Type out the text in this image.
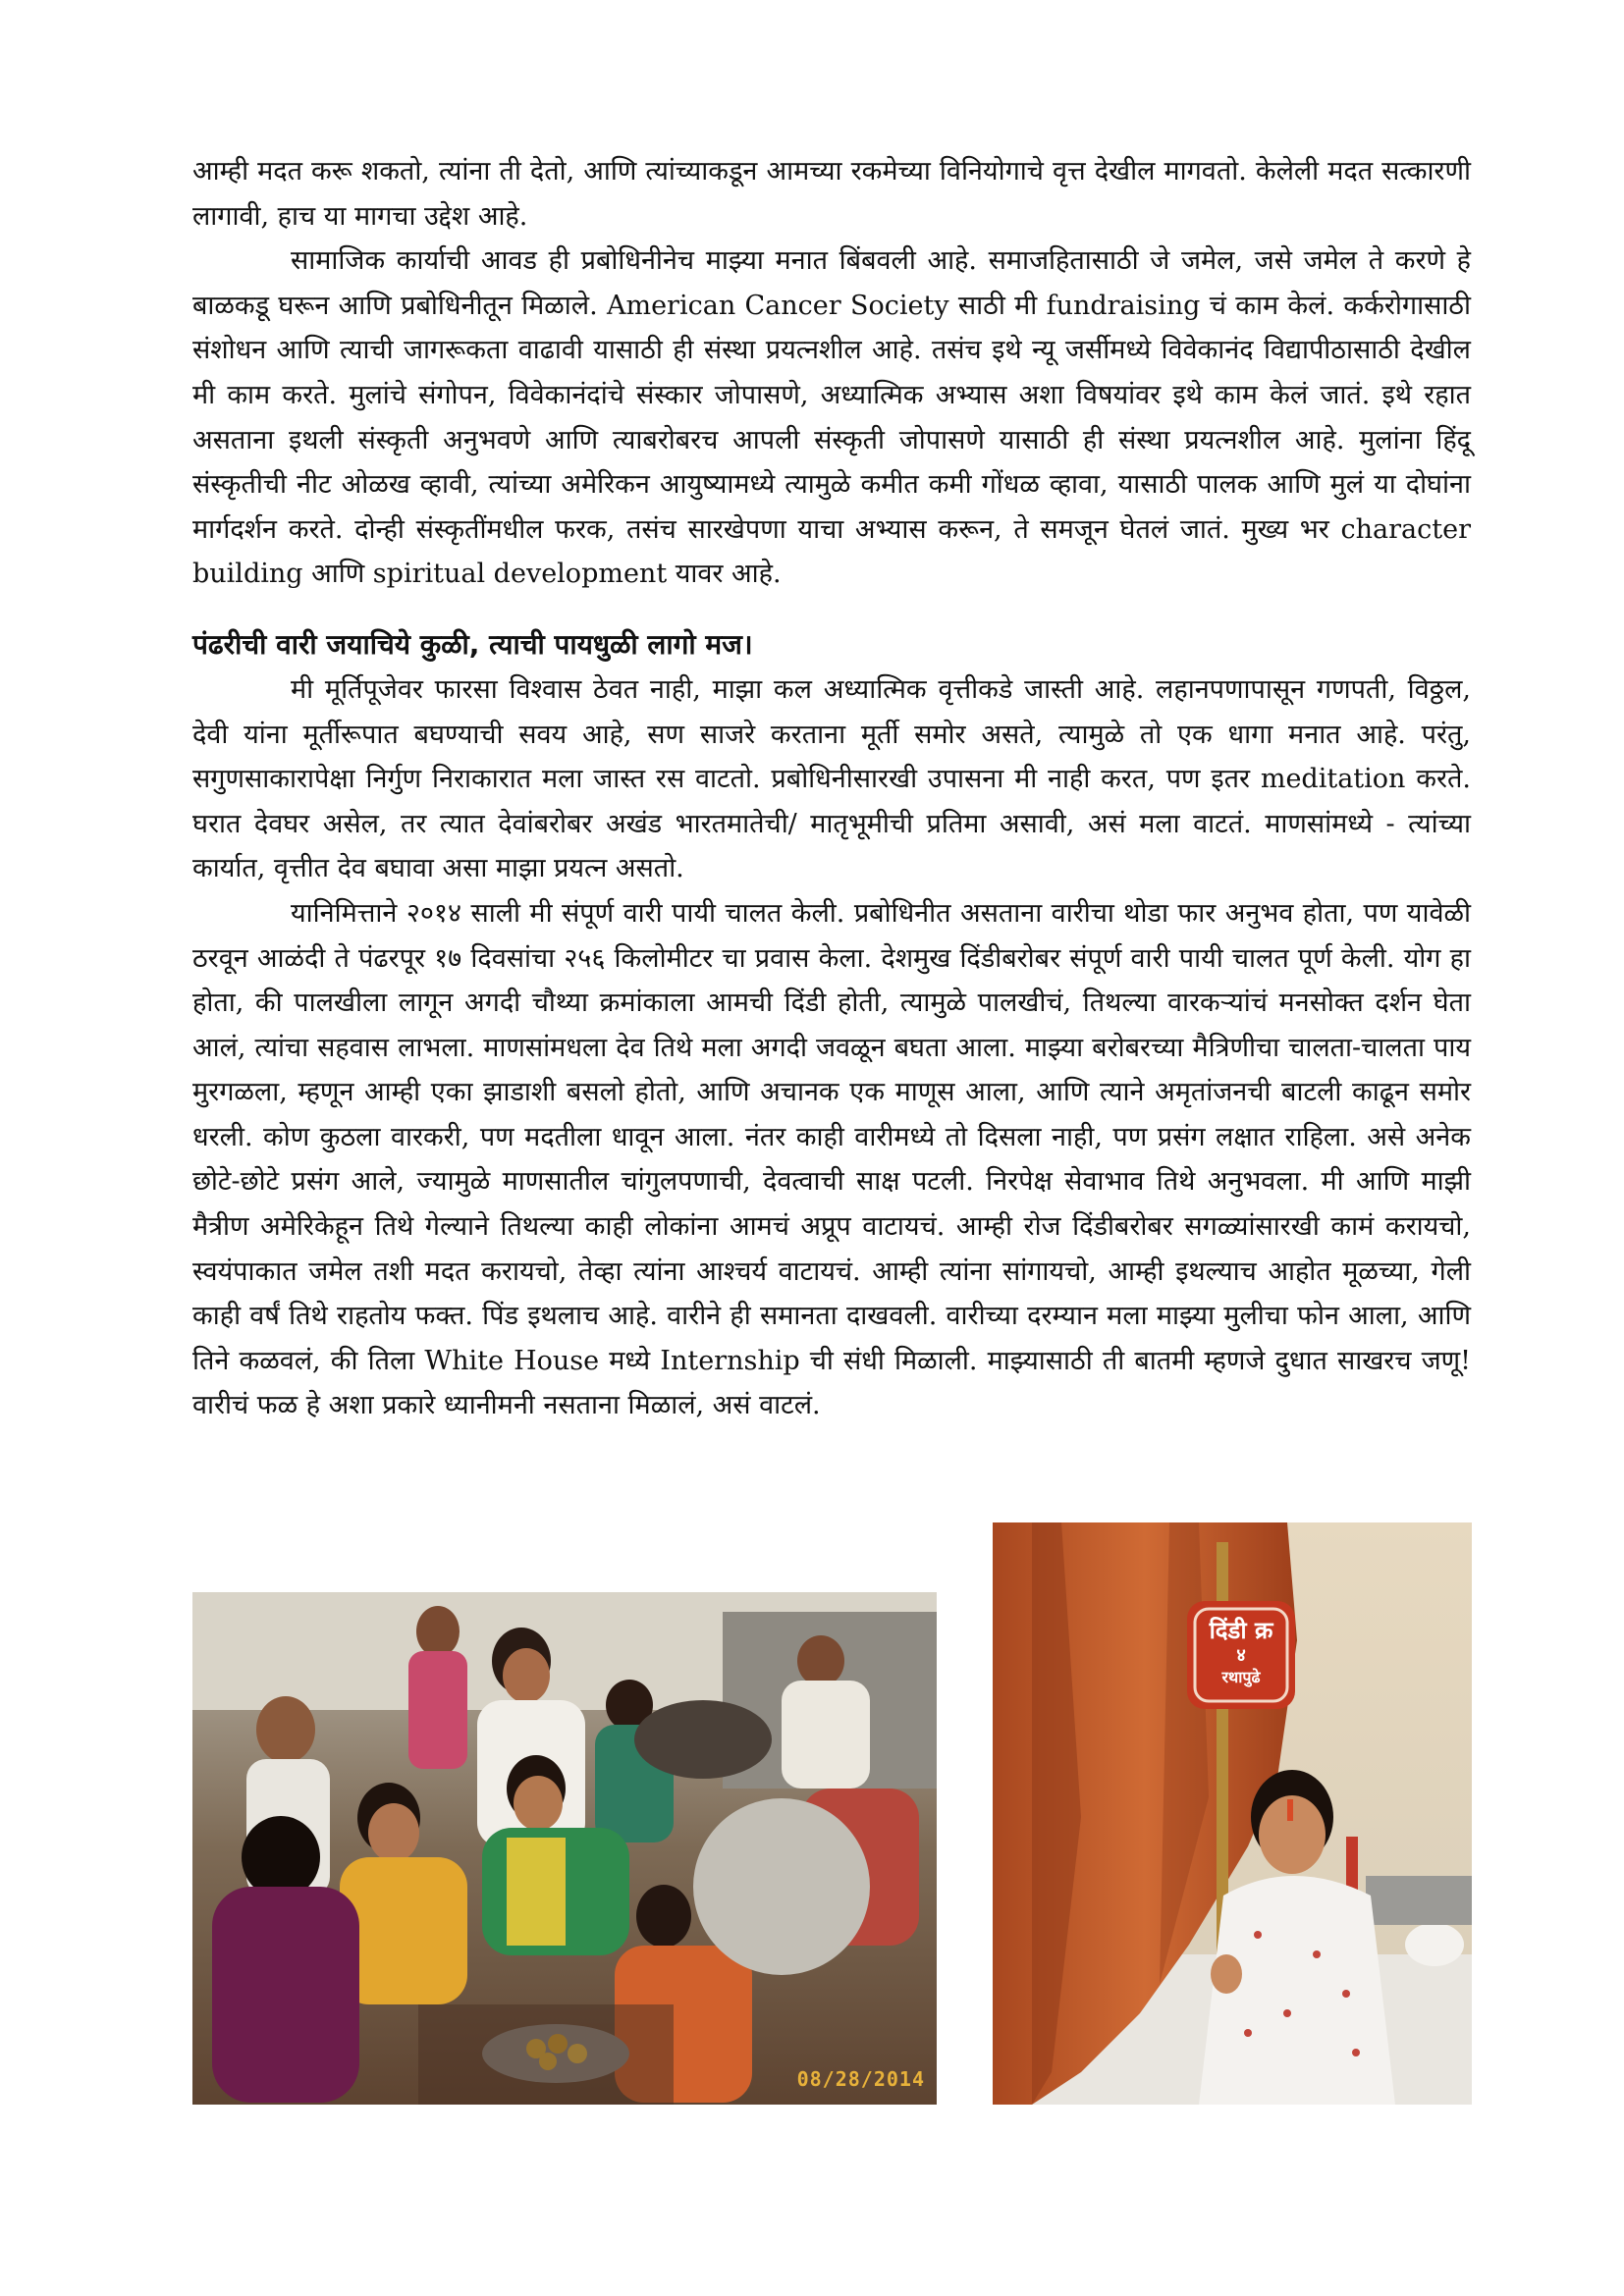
आम्ही मदत करू शकतो, त्यांना ती देतो, आणि त्यांच्याकडून आमच्या रकमेच्या विनियोगाचे वृत्त देखील मागवतो. केलेली मदत सत्कारणी लागावी, हाच या मागचा उद्देश आहे.

सामाजिक कार्याची आवड ही प्रबोधिनीनेच माझ्या मनात बिंबवली आहे. समाजहितासाठी जे जमेल, जसे जमेल ते करणे हे बाळकडू घरून आणि प्रबोधिनीतून मिळाले. American Cancer Society साठी मी fundraising चं काम केलं. कर्करोगासाठी संशोधन आणि त्याची जागरूकता वाढावी यासाठी ही संस्था प्रयत्नशील आहे. तसंच इथे न्यू जर्सीमध्ये विवेकानंद विद्यापीठासाठी देखील मी काम करते. मुलांचे संगोपन, विवेकानंदांचे संस्कार जोपासणे, अध्यात्मिक अभ्यास अशा विषयांवर इथे काम केलं जातं. इथे रहात असताना इथली संस्कृती अनुभवणे आणि त्याबरोबरच आपली संस्कृती जोपासणे यासाठी ही संस्था प्रयत्नशील आहे. मुलांना हिंदू संस्कृतीची नीट ओळख व्हावी, त्यांच्या अमेरिकन आयुष्यामध्ये त्यामुळे कमीत कमी गोंधळ व्हावा, यासाठी पालक आणि मुलं या दोघांना मार्गदर्शन करते. दोन्ही संस्कृतींमधील फरक, तसंच सारखेपणा याचा अभ्यास करून, ते समजून घेतलं जातं. मुख्य भर character building आणि spiritual development यावर आहे.

पंढरीची वारी जयाचिये कुळी, त्याची पायधुळी लागो मज।

मी मूर्तिपूजेवर फारसा विश्वास ठेवत नाही, माझा कल अध्यात्मिक वृत्तीकडे जास्ती आहे. लहानपणापासून गणपती, विठ्ठल, देवी यांना मूर्तीरूपात बघण्याची सवय आहे, सण साजरे करताना मूर्ती समोर असते, त्यामुळे तो एक धागा मनात आहे. परंतु, सगुणसाकारापेक्षा निर्गुण निराकारात मला जास्त रस वाटतो. प्रबोधिनीसारखी उपासना मी नाही करत, पण इतर meditation करते. घरात देवघर असेल, तर त्यात देवांबरोबर अखंड भारतमातेची/ मातृभूमीची प्रतिमा असावी, असं मला वाटतं. माणसांमध्ये - त्यांच्या कार्यात, वृत्तीत देव बघावा असा माझा प्रयत्न असतो.

यानिमित्ताने २०१४ साली मी संपूर्ण वारी पायी चालत केली. प्रबोधिनीत असताना वारीचा थोडा फार अनुभव होता, पण यावेळी ठरवून आळंदी ते पंढरपूर १७ दिवसांचा २५६ किलोमीटर चा प्रवास केला. देशमुख दिंडीबरोबर संपूर्ण वारी पायी चालत पूर्ण केली. योग हा होता, की पालखीला लागून अगदी चौथ्या क्रमांकाला आमची दिंडी होती, त्यामुळे पालखीचं, तिथल्या वारकऱ्यांचं मनसोक्त दर्शन घेता आलं, त्यांचा सहवास लाभला. माणसांमधला देव तिथे मला अगदी जवळून बघता आला. माझ्या बरोबरच्या मैत्रिणीचा चालता-चालता पाय मुरगळला, म्हणून आम्ही एका झाडाशी बसलो होतो, आणि अचानक एक माणूस आला, आणि त्याने अमृतांजनची बाटली काढून समोर धरली. कोण कुठला वारकरी, पण मदतीला धावून आला. नंतर काही वारीमध्ये तो दिसला नाही, पण प्रसंग लक्षात राहिला. असे अनेक छोटे-छोटे प्रसंग आले, ज्यामुळे माणसातील चांगुलपणाची, देवत्वाची साक्ष पटली. निरपेक्ष सेवाभाव तिथे अनुभवला. मी आणि माझी मैत्रीण अमेरिकेहून तिथे गेल्याने तिथल्या काही लोकांना आमचं अप्रूप वाटायचं. आम्ही रोज दिंडीबरोबर सगळ्यांसारखी कामं करायचो, स्वयंपाकात जमेल तशी मदत करायचो, तेव्हा त्यांना आश्चर्य वाटायचं. आम्ही त्यांना सांगायचो, आम्ही इथल्याच आहोत मूळच्या, गेली काही वर्षं तिथे राहतोय फक्त. पिंड इथलाच आहे. वारीने ही समानता दाखवली. वारीच्या दरम्यान मला माझ्या मुलीचा फोन आला, आणि तिने कळवलं, की तिला White House मध्ये Internship ची संधी मिळाली. माझ्यासाठी ती बातमी म्हणजे दुधात साखरच जणू! वारीचं फळ हे अशा प्रकारे ध्यानीमनी नसताना मिळालं, असं वाटलं.

08/28/2014
दिंडी क्र
४
रथापुढे
